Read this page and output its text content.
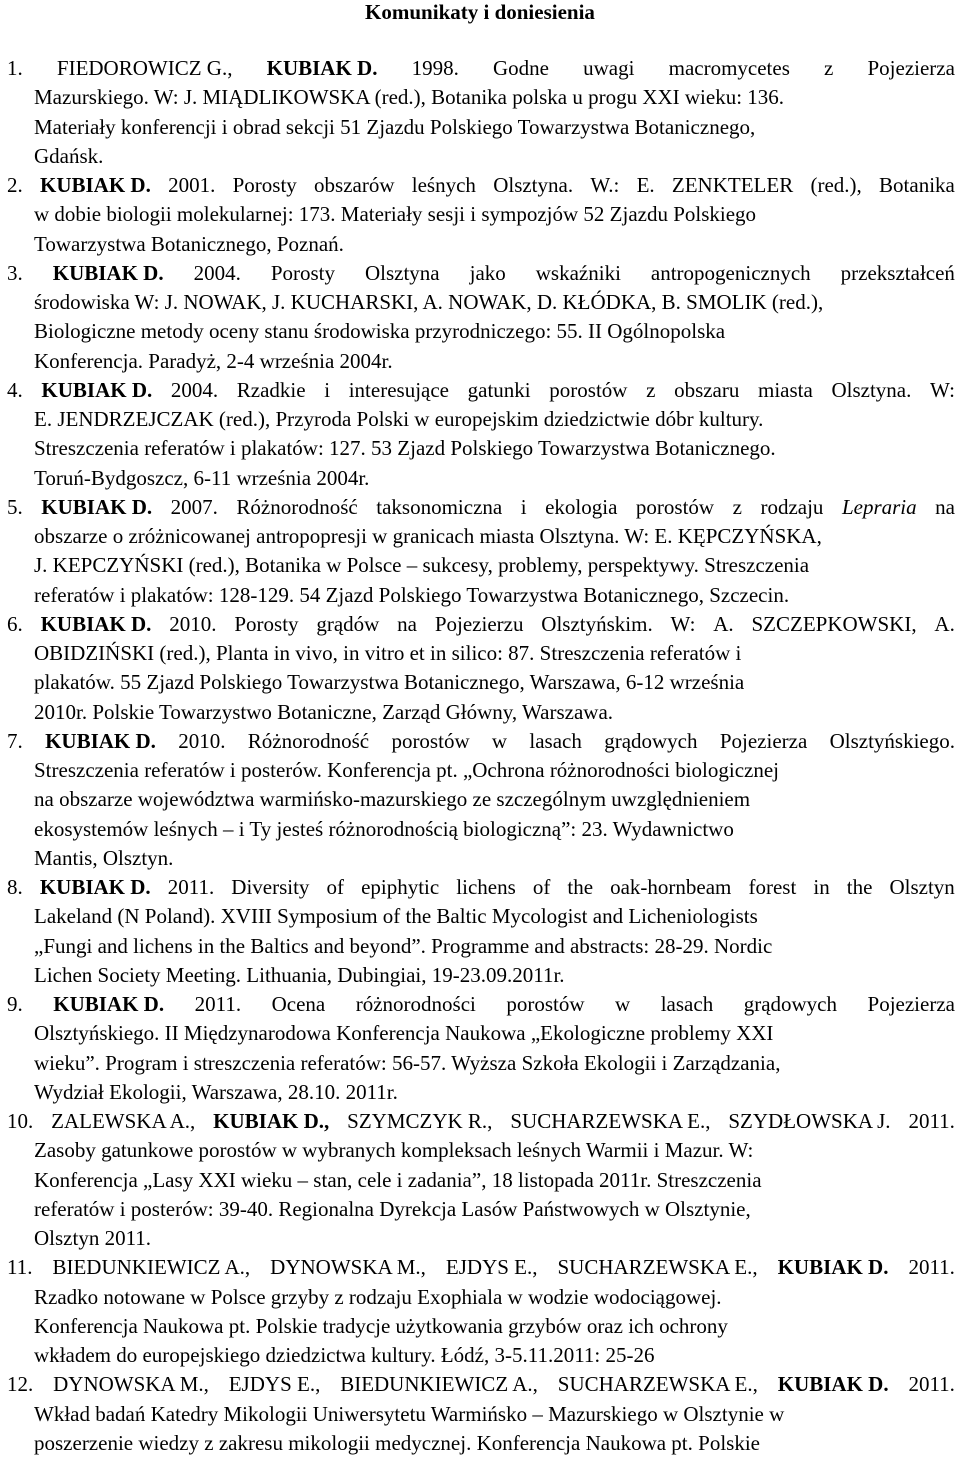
Komunikaty i doniesienia
1. FIEDOROWICZ G., KUBIAK D. 1998. Godne uwagi macromycetes z Pojezierza
Mazurskiego. W: J. MIĄDLIKOWSKA (red.), Botanika polska u progu XXI wieku: 136.
Materiały konferencji i obrad sekcji 51 Zjazdu Polskiego Towarzystwa Botanicznego,
Gdańsk.
2. KUBIAK D. 2001. Porosty obszarów leśnych Olsztyna. W.: E. ZENKTELER (red.), Botanika
w dobie biologii molekularnej: 173. Materiały sesji i sympozjów 52 Zjazdu Polskiego
Towarzystwa Botanicznego, Poznań.
3. KUBIAK D. 2004. Porosty Olsztyna jako wskaźniki antropogenicznych przekształceń
środowiska W: J. NOWAK, J. KUCHARSKI, A. NOWAK, D. KŁÓDKA, B. SMOLIK (red.),
Biologiczne metody oceny stanu środowiska przyrodniczego: 55. II Ogólnopolska
Konferencja. Paradyż, 2-4 września 2004r.
4. KUBIAK D. 2004. Rzadkie i interesujące gatunki porostów z obszaru miasta Olsztyna. W:
E. JENDRZEJCZAK (red.), Przyroda Polski w europejskim dziedzictwie dóbr kultury.
Streszczenia referatów i plakatów: 127. 53 Zjazd Polskiego Towarzystwa Botanicznego.
Toruń-Bydgoszcz, 6-11 września 2004r.
5. KUBIAK D. 2007. Różnorodność taksonomiczna i ekologia porostów z rodzaju Lepraria na
obszarze o zróżnicowanej antropopresji w granicach miasta Olsztyna. W: E. KĘPCZYŃSKA,
J. KEPCZYŃSKI (red.), Botanika w Polsce – sukcesy, problemy, perspektywy. Streszczenia
referatów i plakatów: 128-129. 54 Zjazd Polskiego Towarzystwa Botanicznego, Szczecin.
6. KUBIAK D. 2010. Porosty grądów na Pojezierzu Olsztyńskim. W: A. SZCZEPKOWSKI, A.
OBIDZIŃSKI (red.), Planta in vivo, in vitro et in silico: 87. Streszczenia referatów i
plakatów. 55 Zjazd Polskiego Towarzystwa Botanicznego, Warszawa, 6-12 września
2010r. Polskie Towarzystwo Botaniczne, Zarząd Główny, Warszawa.
7. KUBIAK D. 2010. Różnorodność porostów w lasach grądowych Pojezierza Olsztyńskiego.
Streszczenia referatów i posterów. Konferencja pt. „Ochrona różnorodności biologicznej
na obszarze województwa warmińsko-mazurskiego ze szczególnym uwzględnieniem
ekosystemów leśnych – i Ty jesteś różnorodnością biologiczną”: 23. Wydawnictwo
Mantis, Olsztyn.
8. KUBIAK D. 2011. Diversity of epiphytic lichens of the oak-hornbeam forest in the Olsztyn
Lakeland (N Poland). XVIII Symposium of the Baltic Mycologist and Licheniologists
„Fungi and lichens in the Baltics and beyond”. Programme and abstracts: 28-29. Nordic
Lichen Society Meeting. Lithuania, Dubingiai, 19-23.09.2011r.
9. KUBIAK D. 2011. Ocena różnorodności porostów w lasach grądowych Pojezierza
Olsztyńskiego. II Międzynarodowa Konferencja Naukowa „Ekologiczne problemy XXI
wieku”. Program i streszczenia referatów: 56-57. Wyższa Szkoła Ekologii i Zarządzania,
Wydział Ekologii, Warszawa, 28.10. 2011r.
10. ZALEWSKA A., KUBIAK D., SZYMCZYK R., SUCHARZEWSKA E., SZYDŁOWSKA J. 2011.
Zasoby gatunkowe porostów w wybranych kompleksach leśnych Warmii i Mazur. W:
Konferencja „Lasy XXI wieku – stan, cele i zadania”, 18 listopada 2011r. Streszczenia
referatów i posterów: 39-40. Regionalna Dyrekcja Lasów Państwowych w Olsztynie,
Olsztyn 2011.
11. BIEDUNKIEWICZ A., DYNOWSKA M., EJDYS E., SUCHARZEWSKA E., KUBIAK D. 2011.
Rzadko notowane w Polsce grzyby z rodzaju Exophiala w wodzie wodociągowej.
Konferencja Naukowa pt. Polskie tradycje użytkowania grzybów oraz ich ochrony
wkładem do europejskiego dziedzictwa kultury. Łódź, 3-5.11.2011: 25-26
12. DYNOWSKA M., EJDYS E., BIEDUNKIEWICZ A., SUCHARZEWSKA E., KUBIAK D. 2011.
Wkład badań Katedry Mikologii Uniwersytetu Warmińsko – Mazurskiego w Olsztynie w
poszerzenie wiedzy z zakresu mikologii medycznej. Konferencja Naukowa pt. Polskie
